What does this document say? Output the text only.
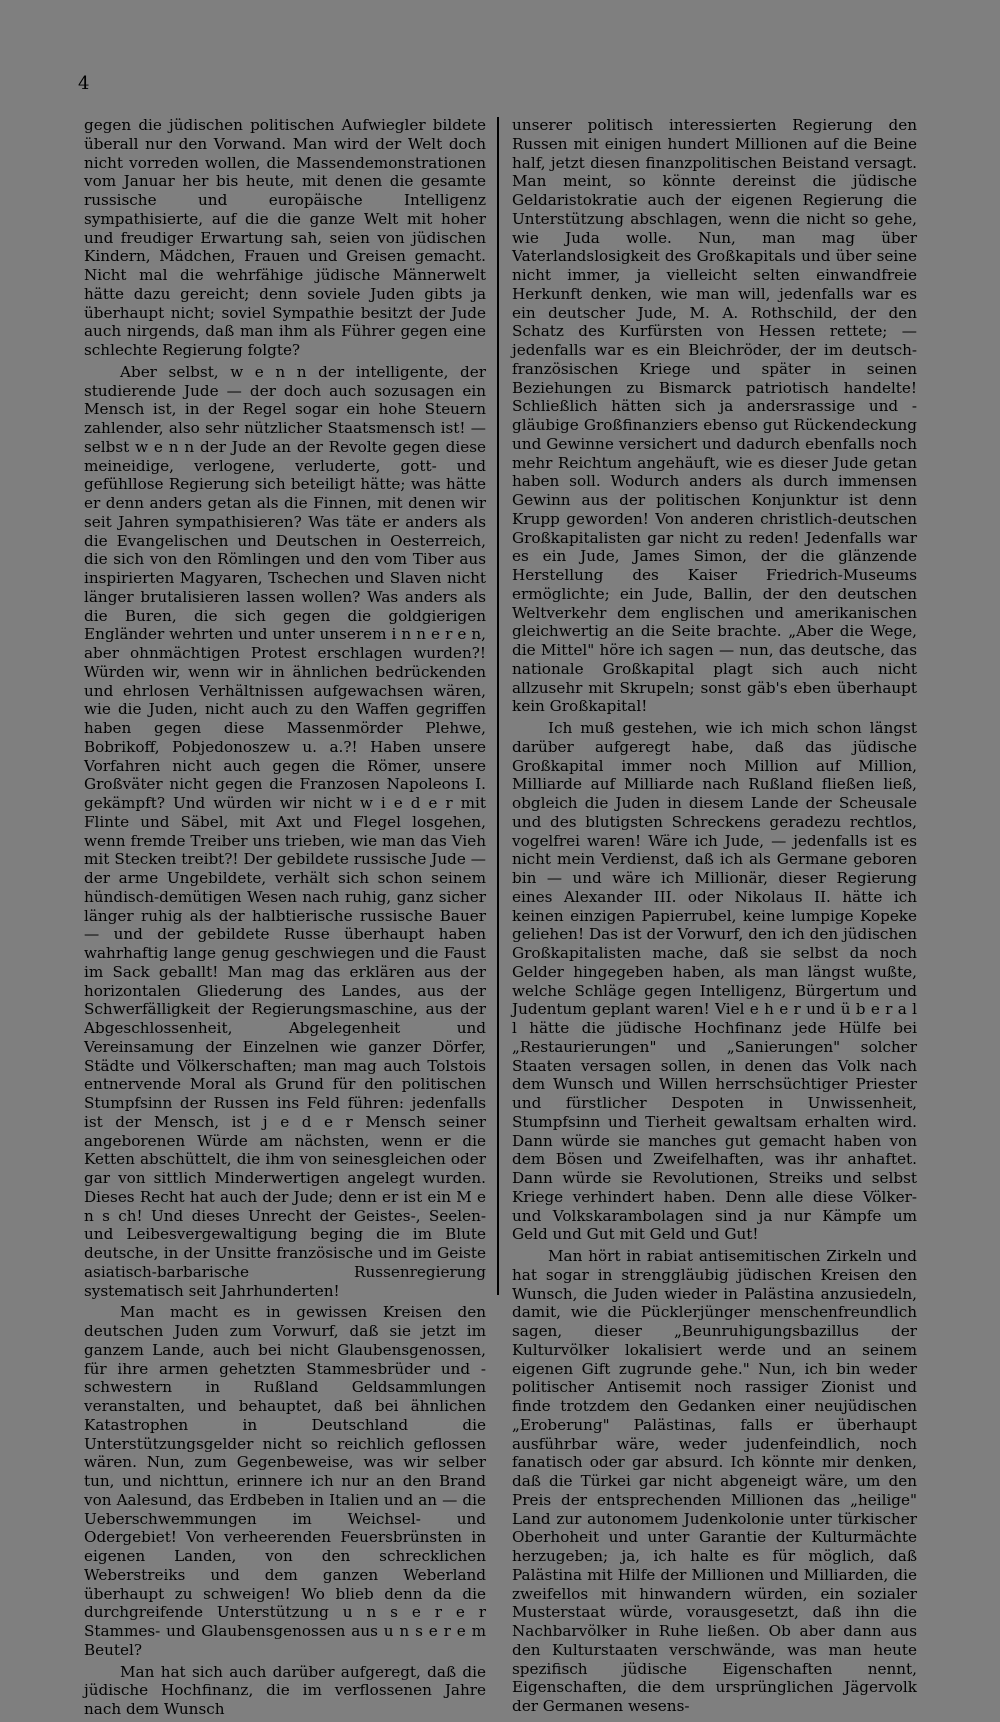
4

gegen die jüdischen politischen Aufwiegler bildete überall nur den Vorwand. Man wird der Welt doch nicht vorreden wollen, die Massendemonstrationen vom Januar her bis heute, mit denen die gesamte russische und europäische Intelligenz sympathisierte, auf die die ganze Welt mit hoher und freudiger Erwartung sah, seien von jüdischen Kindern, Mädchen, Frauen und Greisen gemacht. Nicht mal die wehrfähige jüdische Männerwelt hätte dazu gereicht; denn soviele Juden gibts ja überhaupt nicht; soviel Sympathie besitzt der Jude auch nirgends, daß man ihm als Führer gegen eine schlechte Regierung folgte?

Aber selbst, w e n n der intelligente, der studierende Jude — der doch auch sozusagen ein Mensch ist, in der Regel sogar ein hohe Steuern zahlender, also sehr nützlicher Staatsmensch ist! — selbst w e n n der Jude an der Revolte gegen diese meineidige, verlogene, verluderte, gott- und gefühllose Regierung sich beteiligt hätte; was hätte er denn anders getan als die Finnen, mit denen wir seit Jahren sympathisieren? Was täte er anders als die Evangelischen und Deutschen in Oesterreich, die sich von den Römlingen und den vom Tiber aus inspirierten Magyaren, Tschechen und Slaven nicht länger brutalisieren lassen wollen? Was anders als die Buren, die sich gegen die goldgierigen Engländer wehrten und unter unserem i n n e r e n, aber ohnmächtigen Protest erschlagen wurden?! Würden wir, wenn wir in ähnlichen bedrückenden und ehrlosen Verhältnissen aufgewachsen wären, wie die Juden, nicht auch zu den Waffen gegriffen haben gegen diese Massenmörder Plehwe, Bobrikoff, Pobjedonoszew u. a.?! Haben unsere Vorfahren nicht auch gegen die Römer, unsere Großväter nicht gegen die Franzosen Napoleons I. gekämpft? Und würden wir nicht w i e d e r mit Flinte und Säbel, mit Axt und Flegel losgehen, wenn fremde Treiber uns trieben, wie man das Vieh mit Stecken treibt?! Der gebildete russische Jude — der arme Ungebildete, verhält sich schon seinem hündisch-demütigen Wesen nach ruhig, ganz sicher länger ruhig als der halbtierische russische Bauer — und der gebildete Russe überhaupt haben wahrhaftig lange genug geschwiegen und die Faust im Sack geballt! Man mag das erklären aus der horizontalen Gliederung des Landes, aus der Schwerfälligkeit der Regierungsmaschine, aus der Abgeschlossenheit, Abgelegenheit und Vereinsamung der Einzelnen wie ganzer Dörfer, Städte und Völkerschaften; man mag auch Tolstois entnervende Moral als Grund für den politischen Stumpfsinn der Russen ins Feld führen: jedenfalls ist der Mensch, ist j e d e r Mensch seiner angeborenen Würde am nächsten, wenn er die Ketten abschüttelt, die ihm von seinesgleichen oder gar von sittlich Minderwertigen angelegt wurden. Dieses Recht hat auch der Jude; denn er ist ein M e n s ch! Und dieses Unrecht der Geistes-, Seelen- und Leibesvergewaltigung beging die im Blute deutsche, in der Unsitte französische und im Geiste asiatisch-barbarische Russenregierung systematisch seit Jahrhunderten!

Man macht es in gewissen Kreisen den deutschen Juden zum Vorwurf, daß sie jetzt im ganzem Lande, auch bei nicht Glaubensgenossen, für ihre armen gehetzten Stammesbrüder und -schwestern in Rußland Geldsammlungen veranstalten, und behauptet, daß bei ähnlichen Katastrophen in Deutschland die Unterstützungsgelder nicht so reichlich geflossen wären. Nun, zum Gegenbeweise, was wir selber tun, und nichttun, erinnere ich nur an den Brand von Aalesund, das Erdbeben in Italien und an — die Ueberschwemmungen im Weichsel- und Odergebiet! Von verheerenden Feuersbrünsten in eigenen Landen, von den schrecklichen Weberstreiks und dem ganzen Weberland überhaupt zu schweigen! Wo blieb denn da die durchgreifende Unterstützung u n s e r e r Stammes- und Glaubensgenossen aus u n s e r e m Beutel?

Man hat sich auch darüber aufgeregt, daß die jüdische Hochfinanz, die im verflossenen Jahre nach dem Wunsch

unserer politisch interessierten Regierung den Russen mit einigen hundert Millionen auf die Beine half, jetzt diesen finanzpolitischen Beistand versagt. Man meint, so könnte dereinst die jüdische Geldaristokratie auch der eigenen Regierung die Unterstützung abschlagen, wenn die nicht so gehe, wie Juda wolle. Nun, man mag über Vaterlandslosigkeit des Großkapitals und über seine nicht immer, ja vielleicht selten einwandfreie Herkunft denken, wie man will, jedenfalls war es ein deutscher Jude, M. A. Rothschild, der den Schatz des Kurfürsten von Hessen rettete; — jedenfalls war es ein Bleichröder, der im deutsch-französischen Kriege und später in seinen Beziehungen zu Bismarck patriotisch handelte! Schließlich hätten sich ja andersrassige und -gläubige Großfinanziers ebenso gut Rückendeckung und Gewinne versichert und dadurch ebenfalls noch mehr Reichtum angehäuft, wie es dieser Jude getan haben soll. Wodurch anders als durch immensen Gewinn aus der politischen Konjunktur ist denn Krupp geworden! Von anderen christlich-deutschen Großkapitalisten gar nicht zu reden! Jedenfalls war es ein Jude, James Simon, der die glänzende Herstellung des Kaiser Friedrich-Museums ermöglichte; ein Jude, Ballin, der den deutschen Weltverkehr dem englischen und amerikanischen gleichwertig an die Seite brachte. „Aber die Wege, die Mittel" höre ich sagen — nun, das deutsche, das nationale Großkapital plagt sich auch nicht allzusehr mit Skrupeln; sonst gäb's eben überhaupt kein Großkapital!

Ich muß gestehen, wie ich mich schon längst darüber aufgeregt habe, daß das jüdische Großkapital immer noch Million auf Million, Milliarde auf Milliarde nach Rußland fließen ließ, obgleich die Juden in diesem Lande der Scheusale und des blutigsten Schreckens geradezu rechtlos, vogelfrei waren! Wäre ich Jude, — jedenfalls ist es nicht mein Verdienst, daß ich als Germane geboren bin — und wäre ich Millionär, dieser Regierung eines Alexander III. oder Nikolaus II. hätte ich keinen einzigen Papierrubel, keine lumpige Kopeke geliehen! Das ist der Vorwurf, den ich den jüdischen Großkapitalisten mache, daß sie selbst da noch Gelder hingegeben haben, als man längst wußte, welche Schläge gegen Intelligenz, Bürgertum und Judentum geplant waren! Viel e h e r und ü b e r a l l hätte die jüdische Hochfinanz jede Hülfe bei „Restaurierungen" und „Sanierungen" solcher Staaten versagen sollen, in denen das Volk nach dem Wunsch und Willen herrschsüchtiger Priester und fürstlicher Despoten in Unwissenheit, Stumpfsinn und Tierheit gewaltsam erhalten wird. Dann würde sie manches gut gemacht haben von dem Bösen und Zweifelhaften, was ihr anhaftet. Dann würde sie Revolutionen, Streiks und selbst Kriege verhindert haben. Denn alle diese Völker- und Volkskarambolagen sind ja nur Kämpfe um Geld und Gut mit Geld und Gut!

Man hört in rabiat antisemitischen Zirkeln und hat sogar in strenggläubig jüdischen Kreisen den Wunsch, die Juden wieder in Palästina anzusiedeln, damit, wie die Pücklerjünger menschenfreundlich sagen, dieser „Beunruhigungsbazillus der Kulturvölker lokalisiert werde und an seinem eigenen Gift zugrunde gehe." Nun, ich bin weder politischer Antisemit noch rassiger Zionist und finde trotzdem den Gedanken einer neujüdischen „Eroberung" Palästinas, falls er überhaupt ausführbar wäre, weder judenfeindlich, noch fanatisch oder gar absurd. Ich könnte mir denken, daß die Türkei gar nicht abgeneigt wäre, um den Preis der entsprechenden Millionen das „heilige" Land zur autonomem Judenkolonie unter türkischer Oberhoheit und unter Garantie der Kulturmächte herzugeben; ja, ich halte es für möglich, daß Palästina mit Hilfe der Millionen und Milliarden, die zweifellos mit hinwandern würden, ein sozialer Musterstaat würde, vorausgesetzt, daß ihn die Nachbarvölker in Ruhe ließen. Ob aber dann aus den Kulturstaaten verschwände, was man heute spezifisch jüdische Eigenschaften nennt, Eigenschaften, die dem ursprünglichen Jägervolk der Germanen wesens-
